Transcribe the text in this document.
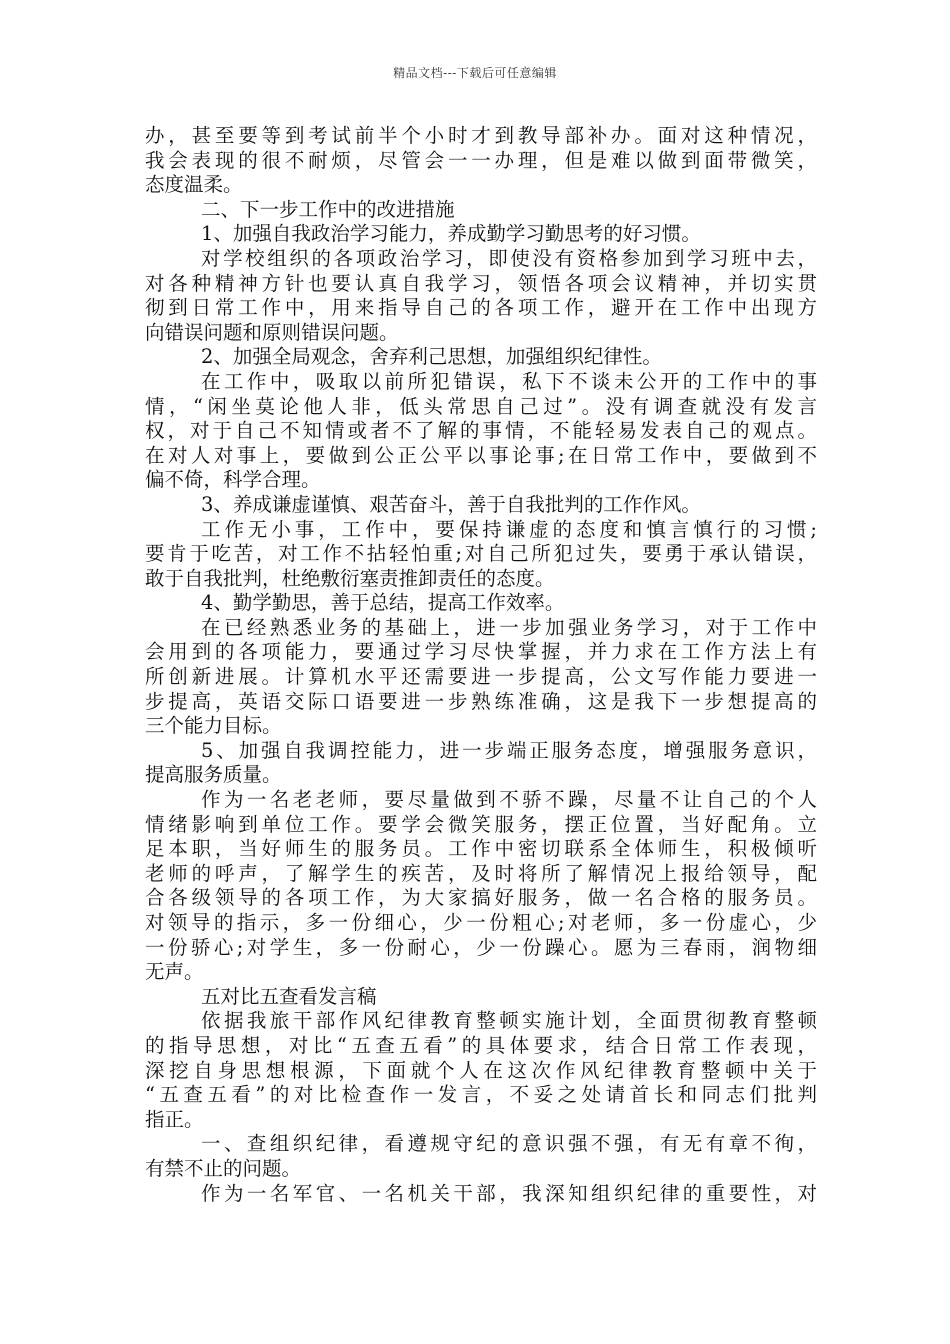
精品文档---下载后可任意编辑
办，甚至要等到考试前半个小时才到教导部补办。面对这种情况，
我会表现的很不耐烦，尽管会一一办理，但是难以做到面带微笑，
态度温柔。
二、下一步工作中的改进措施
1、加强自我政治学习能力，养成勤学习勤思考的好习惯。
对学校组织的各项政治学习，即使没有资格参加到学习班中去，
对各种精神方针也要认真自我学习，领悟各项会议精神，并切实贯
彻到日常工作中，用来指导自己的各项工作，避开在工作中出现方
向错误问题和原则错误问题。
2、加强全局观念，舍弃利己思想，加强组织纪律性。
在工作中，吸取以前所犯错误，私下不谈未公开的工作中的事
情，“闲坐莫论他人非，低头常思自己过”。没有调查就没有发言
权，对于自己不知情或者不了解的事情，不能轻易发表自己的观点。
在对人对事上，要做到公正公平以事论事;在日常工作中，要做到不
偏不倚，科学合理。
3、养成谦虚谨慎、艰苦奋斗，善于自我批判的工作作风。
工作无小事，工作中，要保持谦虚的态度和慎言慎行的习惯;
要肯于吃苦，对工作不拈轻怕重;对自己所犯过失，要勇于承认错误，
敢于自我批判，杜绝敷衍塞责推卸责任的态度。
4、勤学勤思，善于总结，提高工作效率。
在已经熟悉业务的基础上，进一步加强业务学习，对于工作中
会用到的各项能力，要通过学习尽快掌握，并力求在工作方法上有
所创新进展。计算机水平还需要进一步提高，公文写作能力要进一
步提高，英语交际口语要进一步熟练准确，这是我下一步想提高的
三个能力目标。
5、加强自我调控能力，进一步端正服务态度，增强服务意识，
提高服务质量。
作为一名老老师，要尽量做到不骄不躁，尽量不让自己的个人
情绪影响到单位工作。要学会微笑服务，摆正位置，当好配角。立
足本职，当好师生的服务员。工作中密切联系全体师生，积极倾听
老师的呼声，了解学生的疾苦，及时将所了解情况上报给领导，配
合各级领导的各项工作，为大家搞好服务，做一名合格的服务员。
对领导的指示，多一份细心，少一份粗心;对老师，多一份虚心，少
一份骄心;对学生，多一份耐心，少一份躁心。愿为三春雨，润物细
无声。
五对比五查看发言稿
依据我旅干部作风纪律教育整顿实施计划，全面贯彻教育整顿
的指导思想，对比“五查五看”的具体要求，结合日常工作表现，
深挖自身思想根源，下面就个人在这次作风纪律教育整顿中关于
“五查五看”的对比检查作一发言，不妥之处请首长和同志们批判
指正。
一、查组织纪律，看遵规守纪的意识强不强，有无有章不徇，
有禁不止的问题。
作为一名军官、一名机关干部，我深知组织纪律的重要性，对
